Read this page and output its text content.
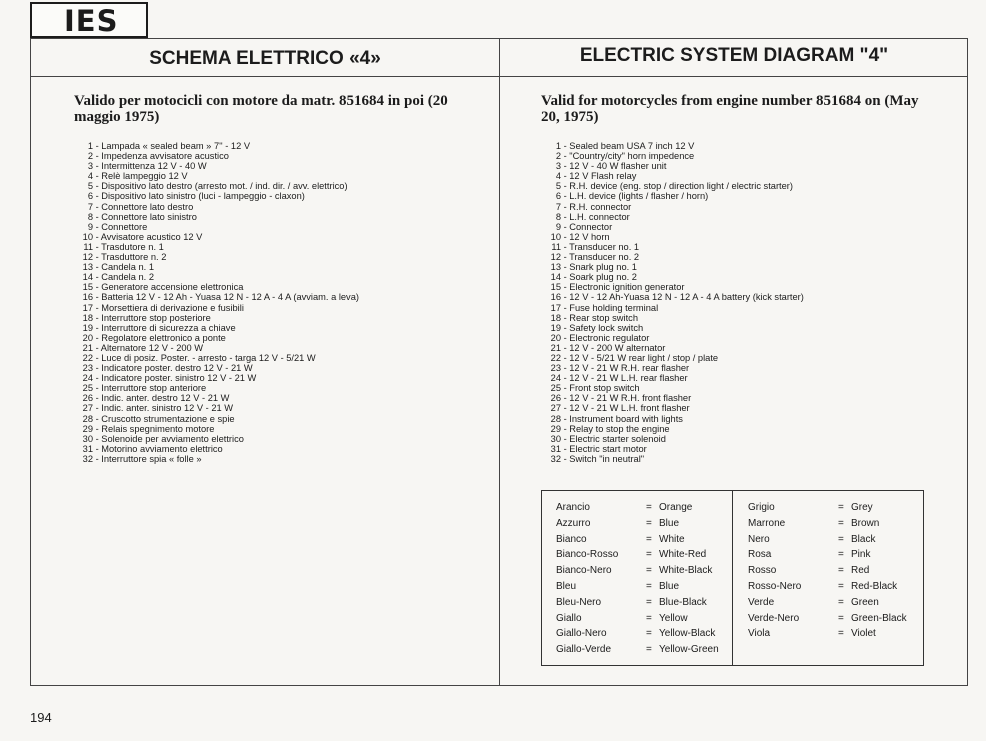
IES
SCHEMA ELETTRICO «4»	ELECTRIC SYSTEM DIAGRAM "4"
Valido per motocicli con motore da matr. 851684 in poi (20 maggio 1975)
Valid for motorcycles from engine number 851684 on (May 20, 1975)
1 - Lampada « sealed beam » 7'' - 12 V
2 - Impedenza avvisatore acustico
3 - Intermittenza 12 V - 40 W
4 - Relè lampeggio 12 V
5 - Dispositivo lato destro (arresto mot. / ind. dir. / avv. elettrico)
6 - Dispositivo lato sinistro (luci - lampeggio - claxon)
7 - Connettore lato destro
8 - Connettore lato sinistro
9 - Connettore
10 - Avvisatore acustico 12 V
11 - Trasdutore n. 1
12 - Trasduttore n. 2
13 - Candela n. 1
14 - Candela n. 2
15 - Generatore accensione elettronica
16 - Batteria 12 V - 12 Ah - Yuasa 12 N - 12 A - 4 A (avviam. a leva)
17 - Morsettiera di derivazione e fusibili
18 - Interruttore stop posteriore
19 - Interruttore di sicurezza a chiave
20 - Regolatore elettronico a ponte
21 - Alternatore 12 V - 200 W
22 - Luce di posiz. Poster. - arresto - targa 12 V - 5/21 W
23 - Indicatore poster. destro 12 V - 21 W
24 - Indicatore poster. sinistro 12 V - 21 W
25 - Interruttore stop anteriore
26 - Indic. anter. destro 12 V - 21 W
27 - Indic. anter. sinistro 12 V - 21 W
28 - Cruscotto strumentazione e spie
29 - Relais spegnimento motore
30 - Solenoide per avviamento elettrico
31 - Motorino avviamento elettrico
32 - Interruttore spia « folle »
1 - Sealed beam USA 7 inch 12 V
2 - "Country/city" horn impedence
3 - 12 V - 40 W flasher unit
4 - 12 V Flash relay
5 - R.H. device (eng. stop / direction light / electric starter)
6 - L.H. device (lights / flasher / horn)
7 - R.H. connector
8 - L.H. connector
9 - Connector
10 - 12 V horn
11 - Transducer no. 1
12 - Transducer no. 2
13 - Snark plug no. 1
14 - Soark plug no. 2
15 - Electronic ignition generator
16 - 12 V - 12 Ah-Yuasa 12 N - 12 A - 4 A battery (kick starter)
17 - Fuse holding terminal
18 - Rear stop switch
19 - Safety lock switch
20 - Electronic regulator
21 - 12 V - 200 W alternator
22 - 12 V - 5/21 W rear light / stop / plate
23 - 12 V - 21 W R.H. rear flasher
24 - 12 V - 21 W L.H. rear flasher
25 - Front stop switch
26 - 12 V - 21 W R.H. front flasher
27 - 12 V - 21 W L.H. front flasher
28 - Instrument board with lights
29 - Relay to stop the engine
30 - Electric starter solenoid
31 - Electric start motor
32 - Switch "in neutral"
Arancio	= Orange
Azzurro	= Blue
Bianco	= White
Bianco-Rosso	= White-Red
Bianco-Nero	= White-Black
Bleu	= Blue
Bleu-Nero	= Blue-Black
Giallo	= Yellow
Giallo-Nero	= Yellow-Black
Giallo-Verde	= Yellow-Green
Grigio	= Grey
Marrone	= Brown
Nero	= Black
Rosa	= Pink
Rosso	= Red
Rosso-Nero	= Red-Black
Verde	= Green
Verde-Nero	= Green-Black
Viola	= Violet
194
